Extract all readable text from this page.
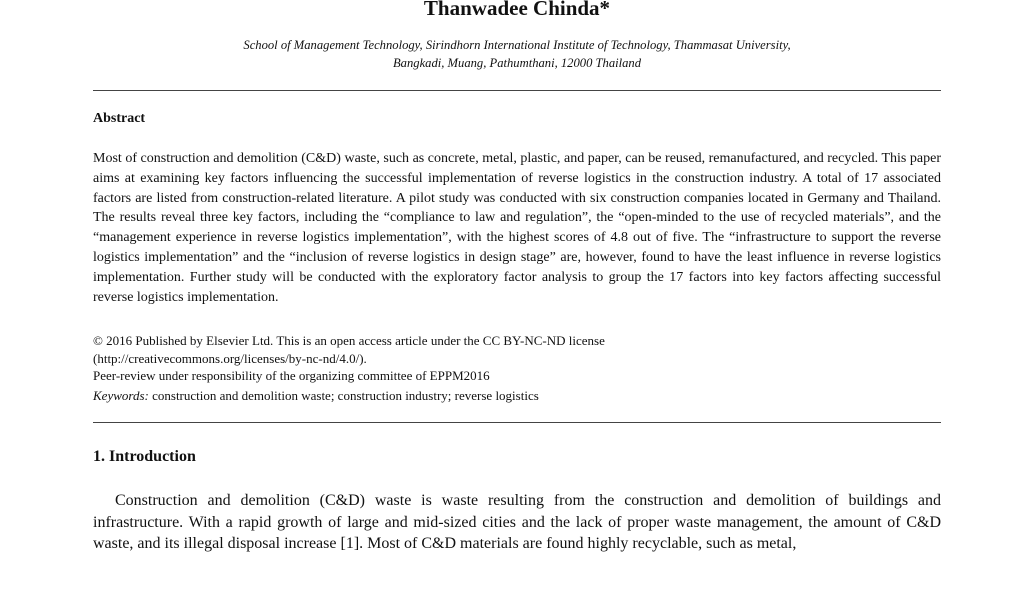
Thanwadee Chinda*
School of Management Technology, Sirindhorn International Institute of Technology, Thammasat University,
Bangkadi, Muang, Pathumthani, 12000 Thailand
Abstract

Most of construction and demolition (C&D) waste, such as concrete, metal, plastic, and paper, can be reused, remanufactured, and recycled. This paper aims at examining key factors influencing the successful implementation of reverse logistics in the construction industry. A total of 17 associated factors are listed from construction-related literature. A pilot study was conducted with six construction companies located in Germany and Thailand. The results reveal three key factors, including the “compliance to law and regulation”, the “open-minded to the use of recycled materials”, and the “management experience in reverse logistics implementation”, with the highest scores of 4.8 out of five. The “infrastructure to support the reverse logistics implementation” and the “inclusion of reverse logistics in design stage” are, however, found to have the least influence in reverse logistics implementation. Further study will be conducted with the exploratory factor analysis to group the 17 factors into key factors affecting successful reverse logistics implementation.

© 2016 Published by Elsevier Ltd. This is an open access article under the CC BY-NC-ND license
(http://creativecommons.org/licenses/by-nc-nd/4.0/).
Peer-review under responsibility of the organizing committee of EPPM2016

Keywords: construction and demolition waste; construction industry; reverse logistics

1. Introduction

Construction and demolition (C&D) waste is waste resulting from the construction and demolition of buildings and infrastructure. With a rapid growth of large and mid-sized cities and the lack of proper waste management, the amount of C&D waste, and its illegal disposal increase [1]. Most of C&D materials are found highly recyclable, such as metal,
